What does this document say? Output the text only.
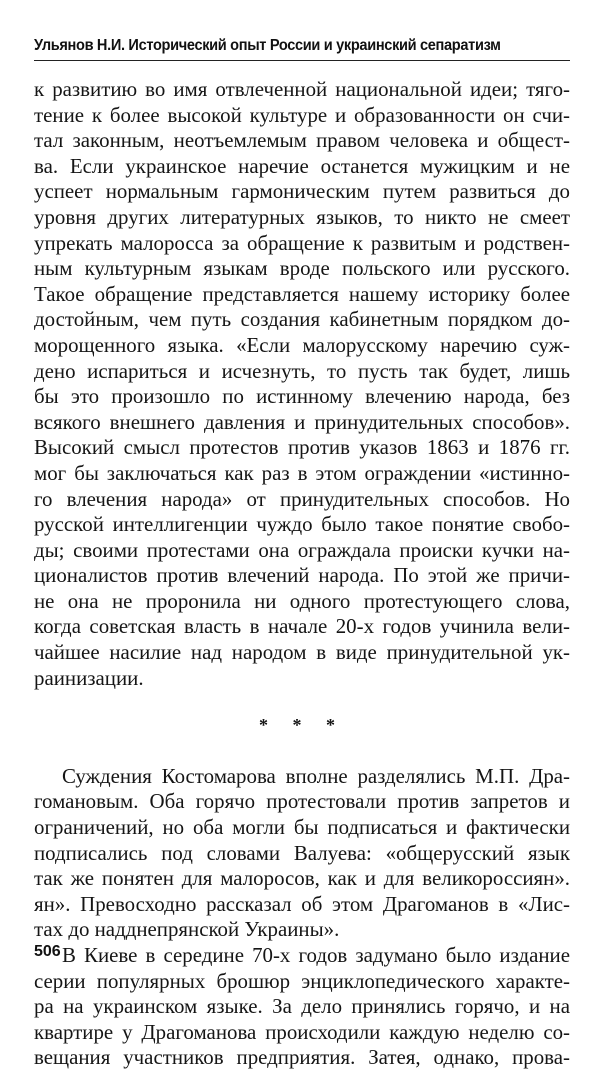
Ульянов Н.И. Исторический опыт России и украинский сепаратизм
к развитию во имя отвлеченной национальной идеи; тяго-
тение к более высокой культуре и образованности он счи-
тал законным, неотъемлемым правом человека и общест-
ва. Если украинское наречие останется мужицким и не
успеет нормальным гармоническим путем развиться до
уровня других литературных языков, то никто не смеет
упрекать малоросса за обращение к развитым и родствен-
ным культурным языкам вроде польского или русского.
Такое обращение представляется нашему историку более
достойным, чем путь создания кабинетным порядком до-
морощенного языка. «Если малорусскому наречию суж-
дено испариться и исчезнуть, то пусть так будет, лишь
бы это произошло по истинному влечению народа, без
всякого внешнего давления и принудительных способов».
Высокий смысл протестов против указов 1863 и 1876 гг.
мог бы заключаться как раз в этом ограждении «истинно-
го влечения народа» от принудительных способов. Но
русской интеллигенции чуждо было такое понятие свобо-
ды; своими протестами она ограждала происки кучки на-
ционалистов против влечений народа. По этой же причи-
не она не проронила ни одного протестующего слова,
когда советская власть в начале 20-х годов учинила вели-
чайшее насилие над народом в виде принудительной ук-
раинизации.
* * *
Суждения Костомарова вполне разделялись М.П. Дра-
гомановым. Оба горячо протестовали против запретов и
ограничений, но оба могли бы подписаться и фактически
подписались под словами Валуева: «общерусский язык
так же понятен для малоросов, как и для великороссиян».
ян». Превосходно рассказал об этом Драгоманов в «Лис-
тах до надднепрянской Украины».
В Киеве в середине 70-х годов задумано было издание
серии популярных брошюр энциклопедического характе-
ра на украинском языке. За дело принялись горячо, и на
квартире у Драгоманова происходили каждую неделю со-
вещания участников предприятия. Затея, однако, прова-
506
